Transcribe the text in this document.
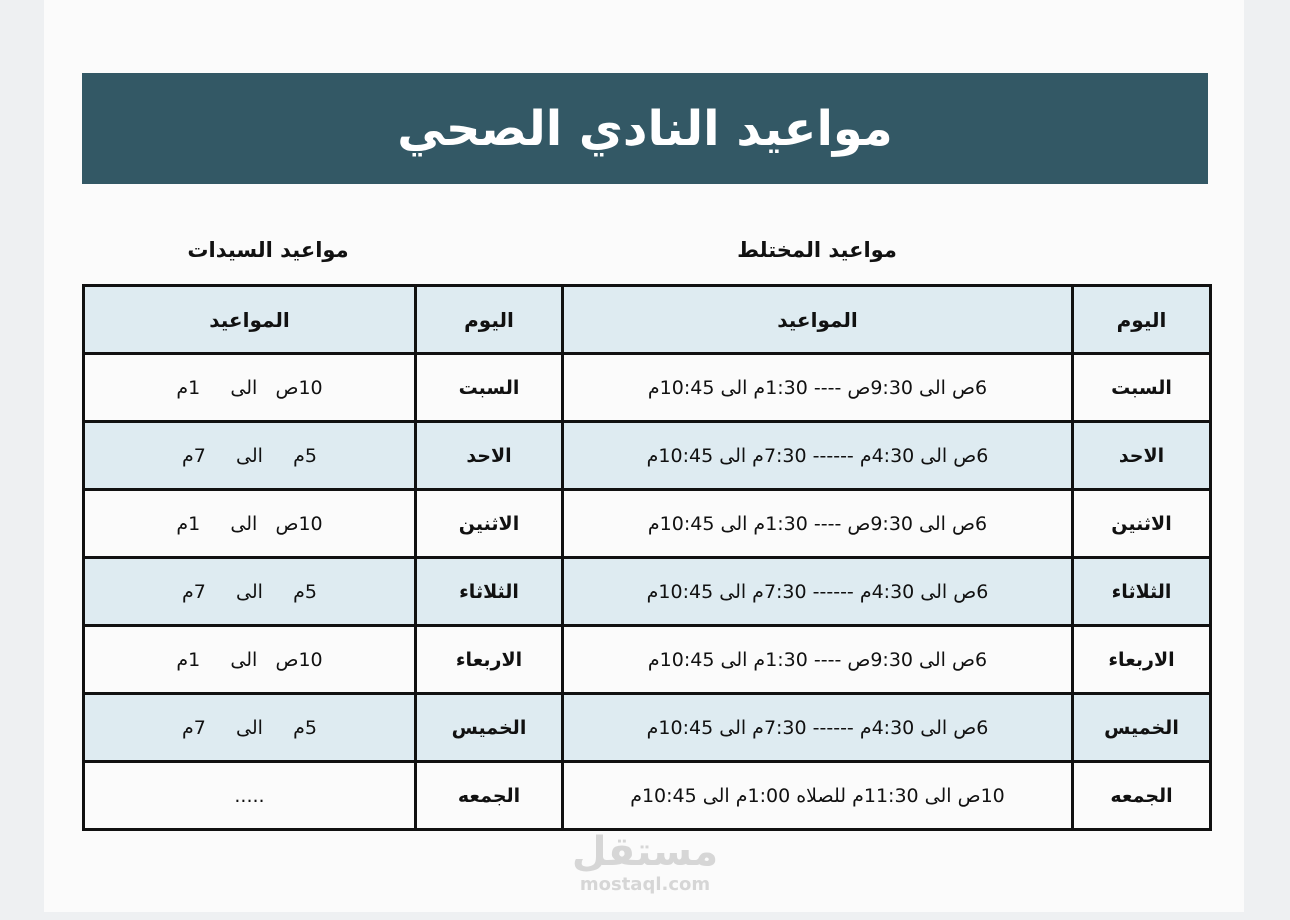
مواعيد النادي الصحي
مواعيد المختلط
مواعيد السيدات
المواعيد	اليوم	المواعيد	اليوم
10ص   الى     1م	السبت	6ص الى 9:30ص ---- 1:30م الى 10:45م	السبت
5م     الى     7م	الاحد	6ص الى 4:30م ------ 7:30م الى 10:45م	الاحد
10ص   الى     1م	الاثنين	6ص الى 9:30ص ---- 1:30م الى 10:45م	الاثنين
5م     الى     7م	الثلاثاء	6ص الى 4:30م ------ 7:30م الى 10:45م	الثلاثاء
10ص   الى     1م	الاربعاء	6ص الى 9:30ص ---- 1:30م الى 10:45م	الاربعاء
5م     الى     7م	الخميس	6ص الى 4:30م ------ 7:30م الى 10:45م	الخميس
.....	الجمعه	10ص الى 11:30م للصلاه 1:00م الى 10:45م	الجمعه
مستقل
mostaql.com
